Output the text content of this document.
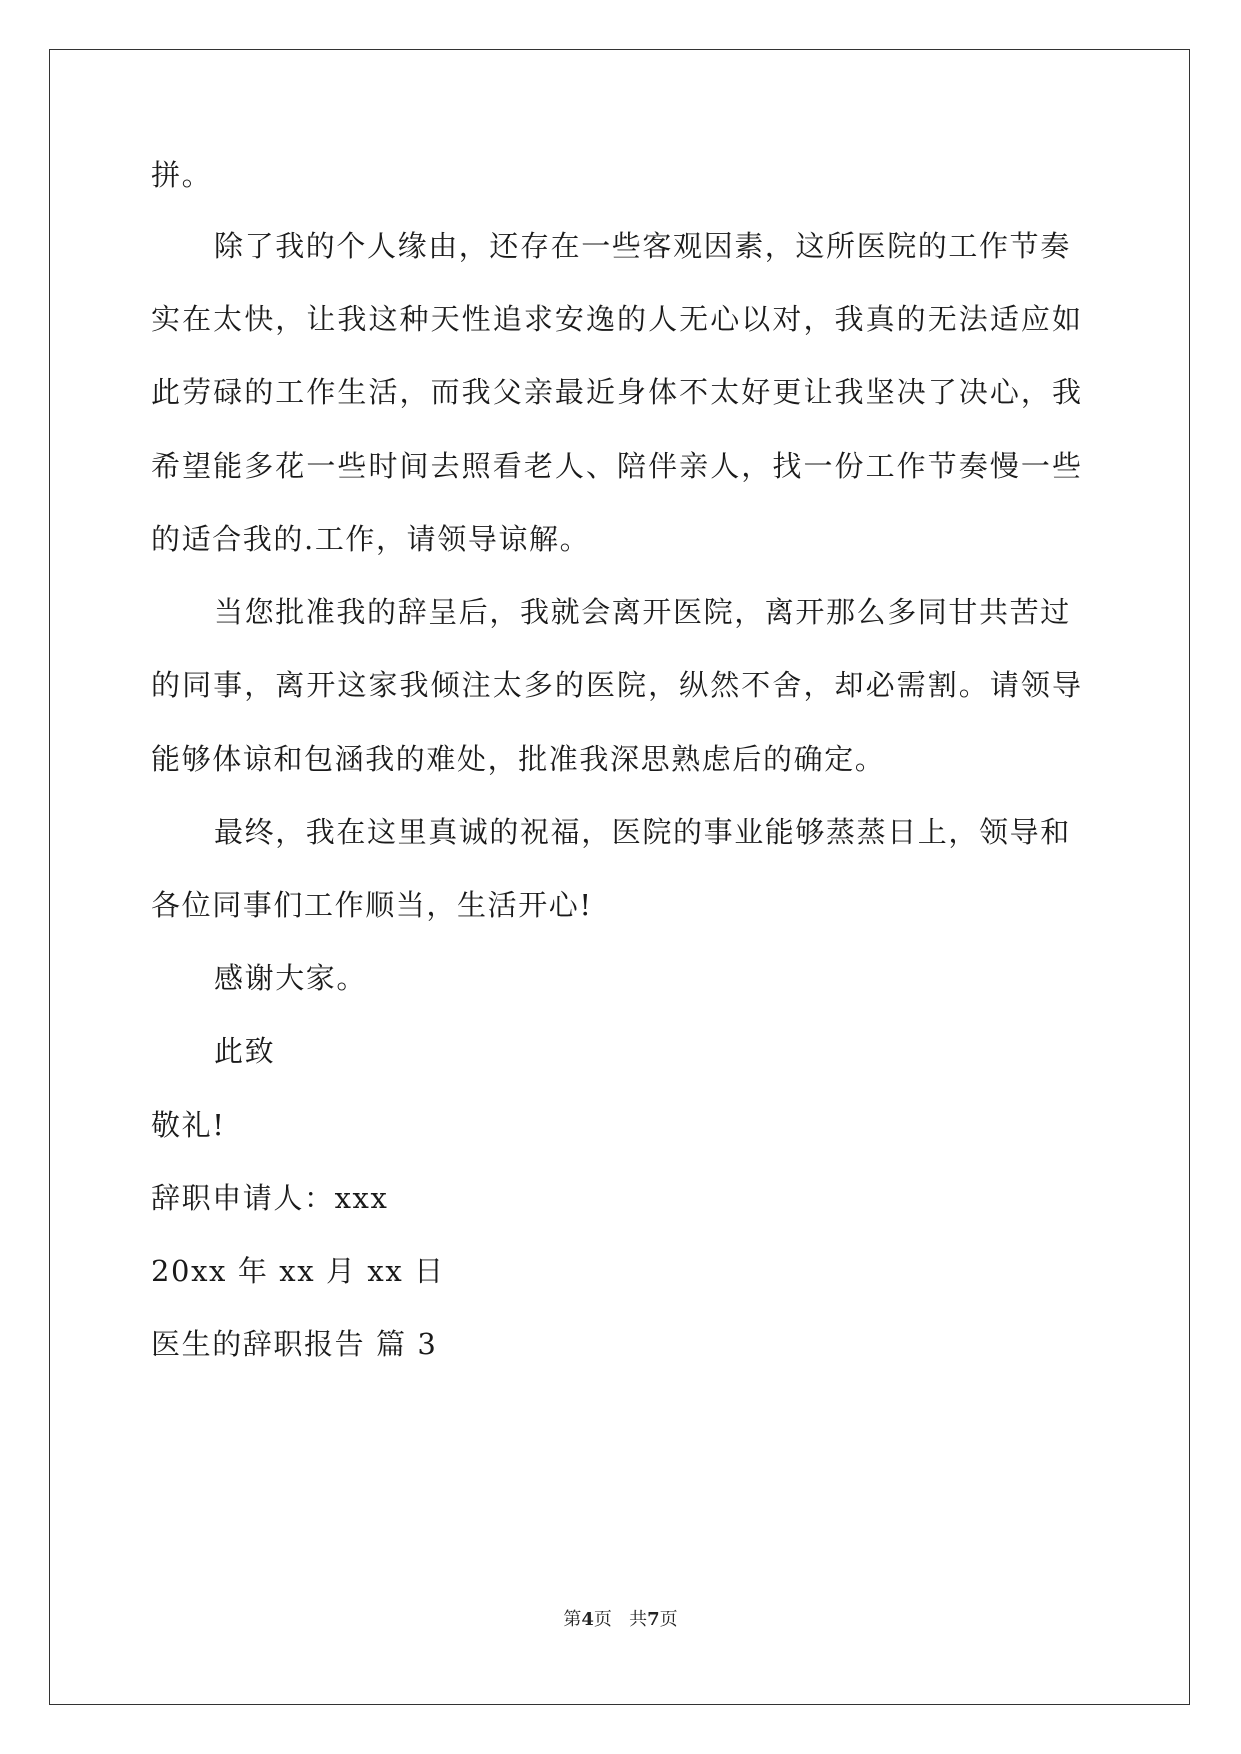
拼。
除了我的个人缘由，还存在一些客观因素，这所医院的工作节奏
实在太快，让我这种天性追求安逸的人无心以对，我真的无法适应如
此劳碌的工作生活，而我父亲最近身体不太好更让我坚决了决心，我
希望能多花一些时间去照看老人、陪伴亲人，找一份工作节奏慢一些
的适合我的.工作，请领导谅解。
当您批准我的辞呈后，我就会离开医院，离开那么多同甘共苦过
的同事，离开这家我倾注太多的医院，纵然不舍，却必需割。请领导
能够体谅和包涵我的难处，批准我深思熟虑后的确定。
最终，我在这里真诚的祝福，医院的事业能够蒸蒸日上，领导和
各位同事们工作顺当，生活开心!
感谢大家。
此致
敬礼!
辞职申请人：xxx
20xx 年 xx 月 xx 日
医生的辞职报告 篇 3
第4页 共7页
